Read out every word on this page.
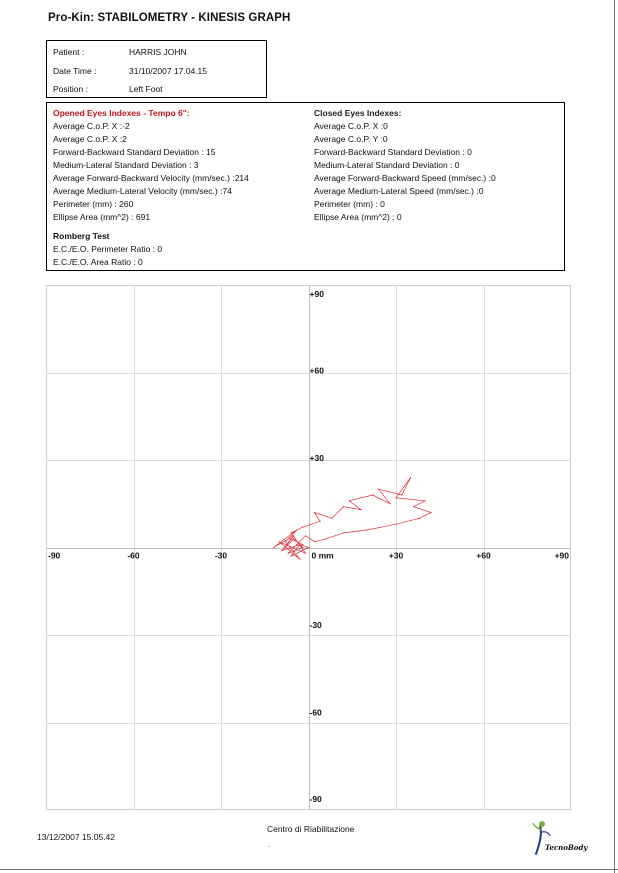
Pro-Kin: STABILOMETRY - KINESIS GRAPH
Patient :	HARRIS JOHN
Date Time :	31/10/2007 17.04.15
Position :	Left Foot
Opened Eyes Indexes - Tempo 6":
Average C.o.P. X :-2
Average C.o.P. X :2
Forward-Backward Standard Deviation : 15
Medium-Lateral Standard Deviation : 3
Average Forward-Backward Velocity (mm/sec.) :214
Average Medium-Lateral Velocity (mm/sec.) :74
Perimeter (mm) : 260
Ellipse Area (mm^2) : 691
Closed Eyes Indexes:
Average C.o.P. X :0
Average C.o.P. Y :0
Forward-Backward Standard Deviation : 0
Medium-Lateral Standard Deviation : 0
Average Forward-Backward Speed (mm/sec.) :0
Average Medium-Lateral Speed (mm/sec.) :0
Perimeter (mm) : 0
Ellipse Area (mm^2) : 0
Romberg Test
E.C./E.O. Perimeter Ratio : 0
E.C./E.O. Area Ratio : 0
-90	-60	-30	0 mm	+30	+60	+90
+90
+60
+30
-30
-60
-90
13/12/2007 15.05.42
Centro di Riabilitazione
.	TecnoBody
